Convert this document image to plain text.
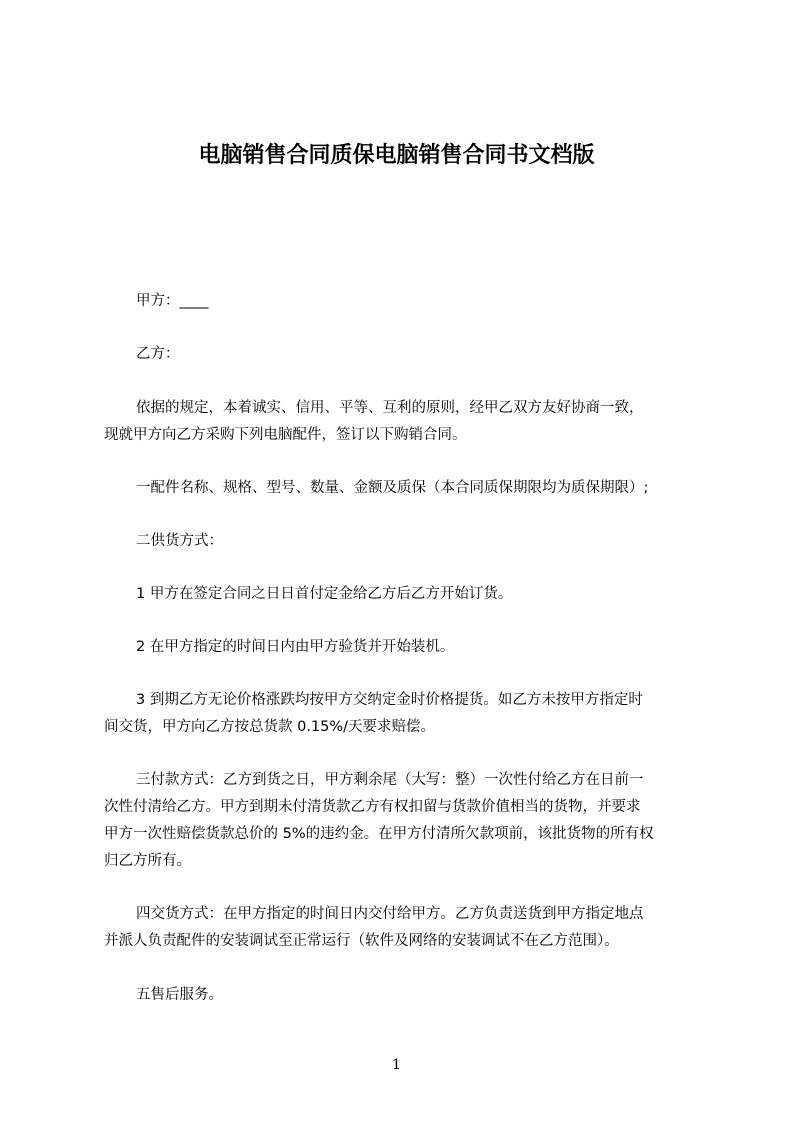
电脑销售合同质保电脑销售合同书文档版

甲方：____

乙方：

依据的规定，本着诚实、信用、平等、互利的原则，经甲乙双方友好协商一致，
现就甲方向乙方采购下列电脑配件，签订以下购销合同。

一配件名称、规格、型号、数量、金额及质保（本合同质保期限均为质保期限）;

二供货方式：

1 甲方在签定合同之日日首付定金给乙方后乙方开始订货。

2 在甲方指定的时间日内由甲方验货并开始装机。

3 到期乙方无论价格涨跌均按甲方交纳定金时价格提货。如乙方未按甲方指定时
间交货，甲方向乙方按总货款 0.15%/天要求赔偿。
三付款方式：乙方到货之日，甲方剩余尾（大写：整）一次性付给乙方在日前一
次性付清给乙方。甲方到期未付清货款乙方有权扣留与货款价值相当的货物，并要求
甲方一次性赔偿货款总价的 5%的违约金。在甲方付清所欠款项前，该批货物的所有权
归乙方所有。
四交货方式：在甲方指定的时间日内交付给甲方。乙方负责送货到甲方指定地点
并派人负责配件的安装调试至正常运行（软件及网络的安装调试不在乙方范围）。

五售后服务。

1
